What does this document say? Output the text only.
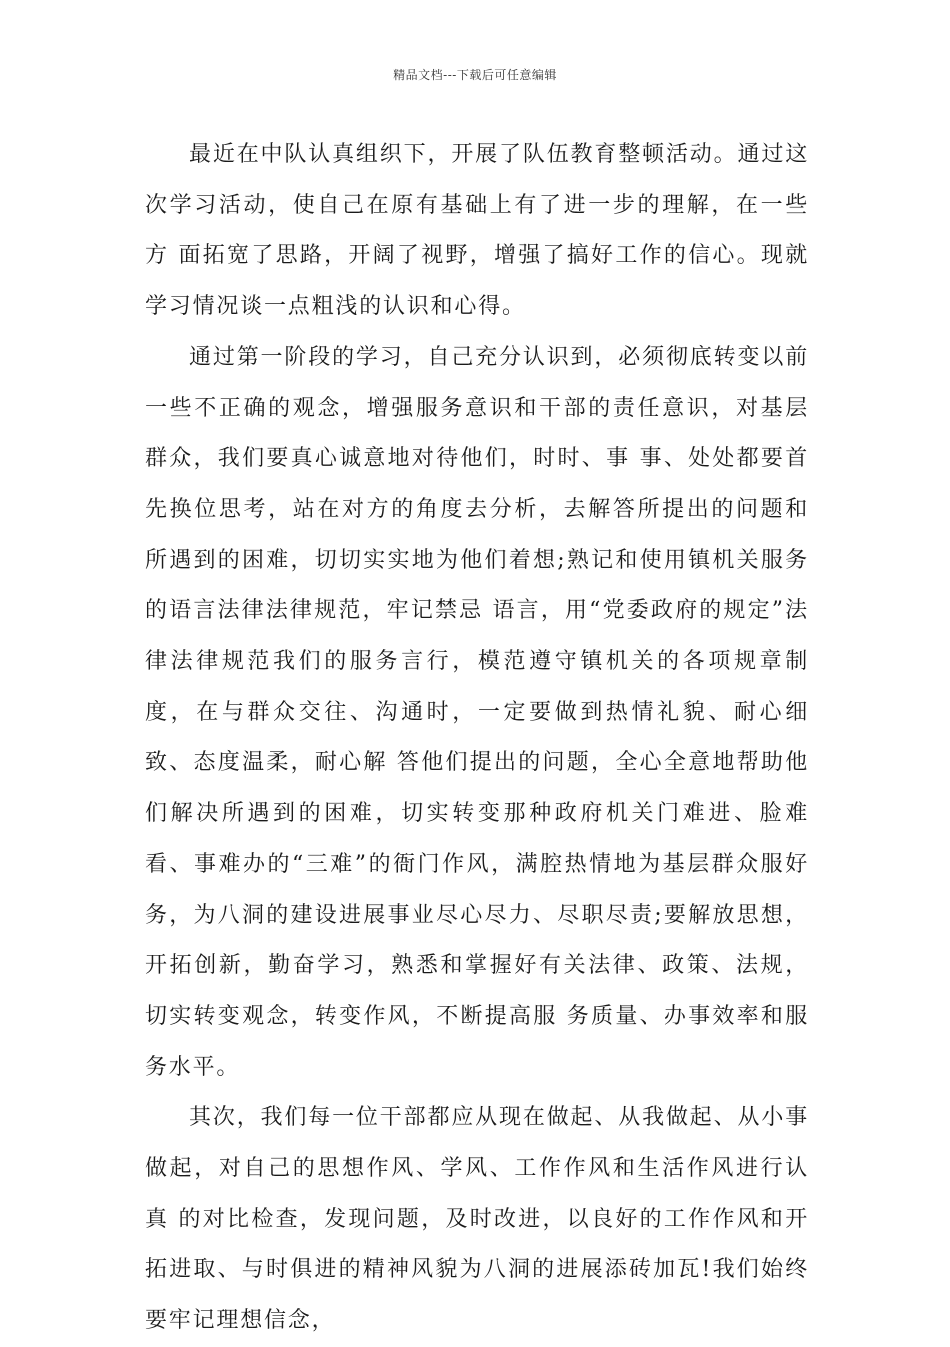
精品文档---下载后可任意编辑

最近在中队认真组织下，开展了队伍教育整顿活动。通过这次学习活动，使自己在原有基础上有了进一步的理解，在一些方 面拓宽了思路，开阔了视野，增强了搞好工作的信心。现就学习情况谈一点粗浅的认识和心得。

通过第一阶段的学习，自己充分认识到，必须彻底转变以前一些不正确的观念，增强服务意识和干部的责任意识，对基层群众，我们要真心诚意地对待他们，时时、事 事、处处都要首先换位思考，站在对方的角度去分析，去解答所提出的问题和所遇到的困难，切切实实地为他们着想;熟记和使用镇机关服务的语言法律法律规范，牢记禁忌 语言，用“党委政府的规定”法律法律规范我们的服务言行，模范遵守镇机关的各项规章制度，在与群众交往、沟通时，一定要做到热情礼貌、耐心细致、态度温柔，耐心解 答他们提出的问题，全心全意地帮助他们解决所遇到的困难，切实转变那种政府机关门难进、脸难看、事难办的“三难”的衙门作风，满腔热情地为基层群众服好 务，为八洞的建设进展事业尽心尽力、尽职尽责;要解放思想，开拓创新，勤奋学习，熟悉和掌握好有关法律、政策、法规，切实转变观念，转变作风，不断提高服 务质量、办事效率和服务水平。

其次，我们每一位干部都应从现在做起、从我做起、从小事做起，对自己的思想作风、学风、工作作风和生活作风进行认真 的对比检查，发现问题，及时改进，以良好的工作作风和开拓进取、与时俱进的精神风貌为八洞的进展添砖加瓦!我们始终要牢记理想信念，
